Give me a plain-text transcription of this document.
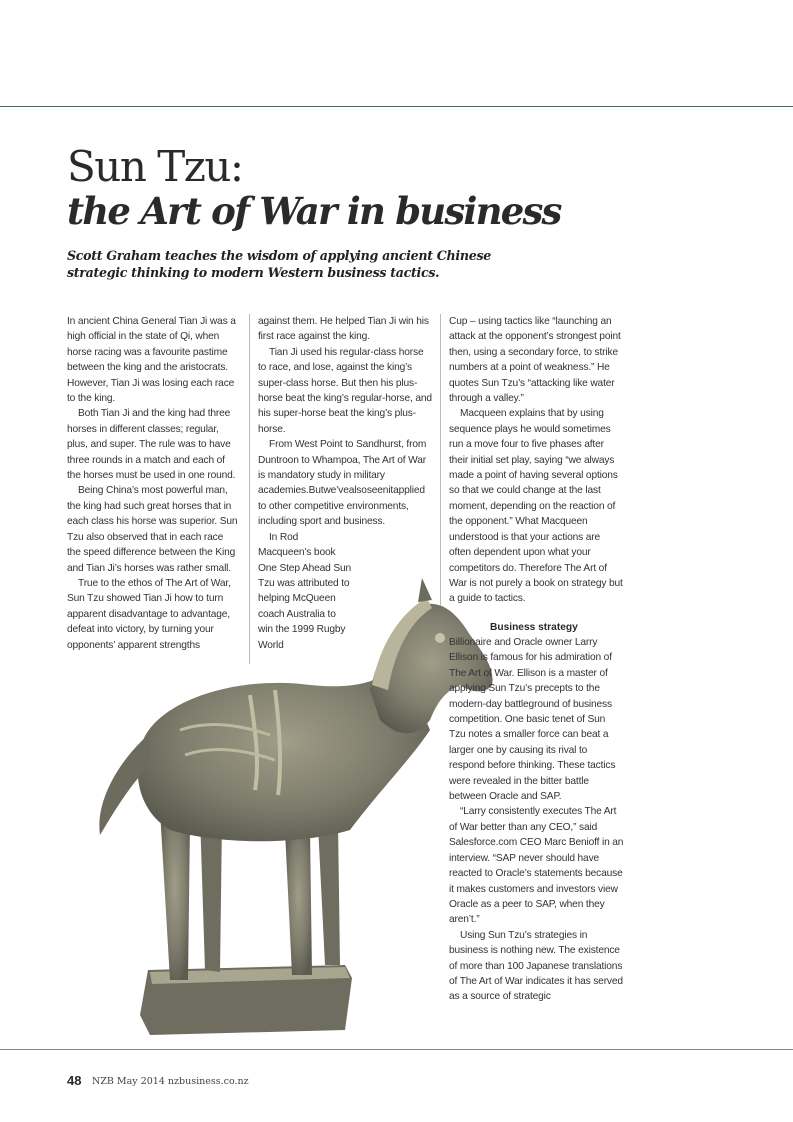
Sun Tzu:
the Art of War in business
Scott Graham teaches the wisdom of applying ancient Chinese strategic thinking to modern Western business tactics.

In ancient China General Tian Ji was a high official in the state of Qi, when horse racing was a favourite pastime between the king and the aristocrats. However, Tian Ji was losing each race to the king.

Both Tian Ji and the king had three horses in different classes; regular, plus, and super. The rule was to have three rounds in a match and each of the horses must be used in one round.

Being China’s most powerful man, the king had such great horses that in each class his horse was superior. Sun Tzu also observed that in each race the speed difference between the King and Tian Ji’s horses was rather small.

True to the ethos of The Art of War, Sun Tzu showed Tian Ji how to turn apparent disadvantage to advantage, defeat into victory, by turning your opponents’ apparent strengths

against them. He helped Tian Ji win his first race against the king.

Tian Ji used his regular-class horse to race, and lose, against the king’s super-class horse. But then his plus-horse beat the king’s regular-horse, and his super-horse beat the king’s plus-horse.

From West Point to Sandhurst, from Duntroon to Whampoa, The Art of War is mandatory study in military academies.Butwe’vealsoseenitapplied to other competitive environments, including sport and business.

In Rod Macqueen’s book One Step Ahead Sun Tzu was attributed to helping McQueen coach Australia to win the 1999 Rugby World

Cup – using tactics like “launching an attack at the opponent’s strongest point then, using a secondary force, to strike numbers at a point of weakness.” He quotes Sun Tzu’s “attacking like water through a valley.”

Macqueen explains that by using sequence plays he would sometimes run a move four to five phases after their initial set play, saying “we always made a point of having several options so that we could change at the last moment, depending on the reaction of the opponent.” What Macqueen understood is that your actions are often dependent upon what your competitors do. Therefore The Art of War is not purely a book on strategy but a guide to tactics.

Business strategy

Billionaire and Oracle owner Larry Ellison is famous for his admiration of The Art of War. Ellison is a master of applying Sun Tzu’s precepts to the modern-day battleground of business competition. One basic tenet of Sun Tzu notes a smaller force can beat a larger one by causing its rival to respond before thinking. These tactics were revealed in the bitter battle between Oracle and SAP.

“Larry consistently executes The Art of War better than any CEO,” said Salesforce.com CEO Marc Benioff in an interview. “SAP never should have reacted to Oracle’s statements because it makes customers and investors view Oracle as a peer to SAP, when they aren’t.”

Using Sun Tzu’s strategies in business is nothing new. The existence of more than 100 Japanese translations of The Art of War indicates it has served as a source of strategic

48 NZB May 2014 nzbusiness.co.nz
